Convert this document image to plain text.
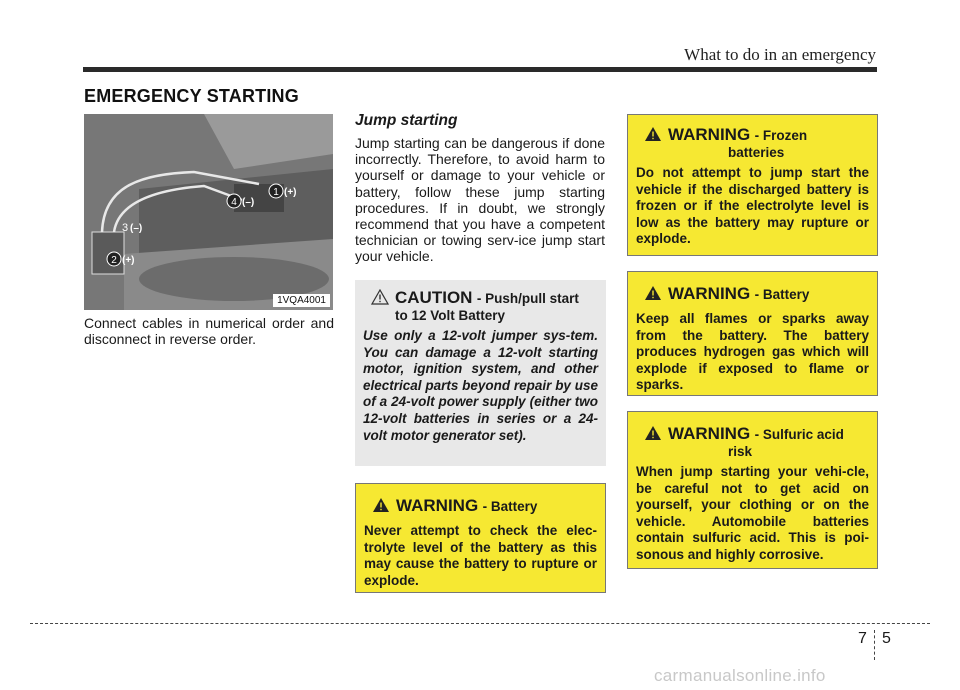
What to do in an emergency
EMERGENCY STARTING
1 (+)
2 (+)
3 (–)
4 (–)
1VQA4001
Connect cables in numerical order and disconnect in reverse order.
Jump starting
Jump starting can be dangerous if done incorrectly. Therefore, to avoid harm to yourself or damage to your vehicle or battery, follow these jump starting procedures. If in doubt, we strongly recommend that you have a competent technician or towing serv-ice jump start your vehicle.
CAUTION - Push/pull start
to 12 Volt Battery
Use only a 12-volt jumper sys-tem. You can damage a 12-volt starting motor, ignition system, and other electrical parts beyond repair by use of a 24-volt power supply (either two 12-volt batteries in series or a 24-volt motor generator set).
WARNING - Battery
Never attempt to check the elec-trolyte level of the battery as this may cause the battery to rupture or explode.
WARNING - Frozen
batteries
Do not attempt to jump start the vehicle if the discharged battery is frozen or if the electrolyte level is low as the battery may rupture or explode.
WARNING - Battery
Keep all flames or sparks away from the battery. The battery produces hydrogen gas which will explode if exposed to flame or sparks.
WARNING - Sulfuric acid
risk
When jump starting your vehi-cle, be careful not to get acid on yourself, your clothing or on the vehicle. Automobile batteries contain sulfuric acid. This is poi-sonous and highly corrosive.
7 5
carmanualsonline.info
